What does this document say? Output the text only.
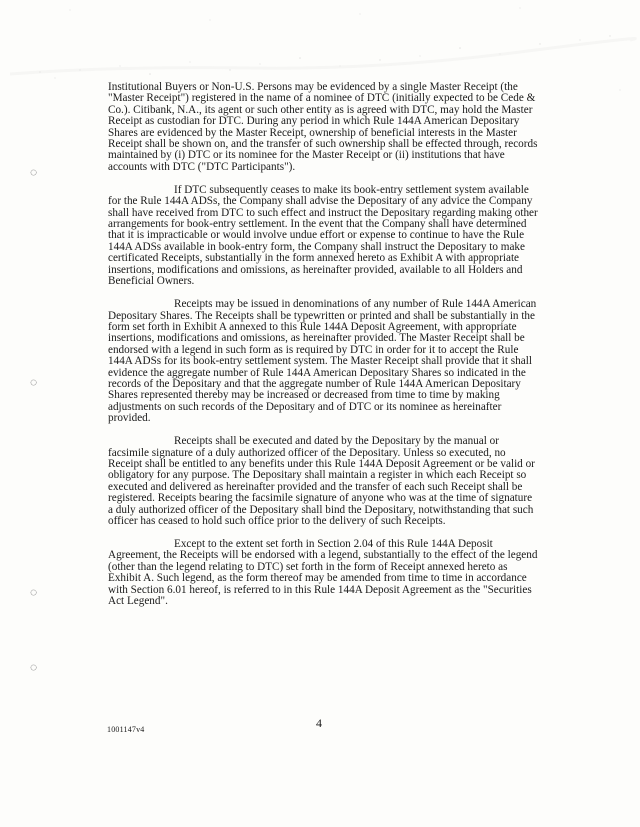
◌
◌
◌
◌

Institutional Buyers or Non-U.S. Persons may be evidenced by a single Master Receipt (the "Master Receipt") registered in the name of a nominee of DTC (initially expected to be Cede & Co.). Citibank, N.A., its agent or such other entity as is agreed with DTC, may hold the Master Receipt as custodian for DTC. During any period in which Rule 144A American Depositary Shares are evidenced by the Master Receipt, ownership of beneficial interests in the Master Receipt shall be shown on, and the transfer of such ownership shall be effected through, records maintained by (i) DTC or its nominee for the Master Receipt or (ii) institutions that have accounts with DTC ("DTC Participants").

If DTC subsequently ceases to make its book-entry settlement system available for the Rule 144A ADSs, the Company shall advise the Depositary of any advice the Company shall have received from DTC to such effect and instruct the Depositary regarding making other arrangements for book-entry settlement. In the event that the Company shall have determined that it is impracticable or would involve undue effort or expense to continue to have the Rule 144A ADSs available in book-entry form, the Company shall instruct the Depositary to make certificated Receipts, substantially in the form annexed hereto as Exhibit A with appropriate insertions, modifications and omissions, as hereinafter provided, available to all Holders and Beneficial Owners.

Receipts may be issued in denominations of any number of Rule 144A American Depositary Shares. The Receipts shall be typewritten or printed and shall be substantially in the form set forth in Exhibit A annexed to this Rule 144A Deposit Agreement, with appropriate insertions, modifications and omissions, as hereinafter provided. The Master Receipt shall be endorsed with a legend in such form as is required by DTC in order for it to accept the Rule 144A ADSs for its book-entry settlement system. The Master Receipt shall provide that it shall evidence the aggregate number of Rule 144A American Depositary Shares so indicated in the records of the Depositary and that the aggregate number of Rule 144A American Depositary Shares represented thereby may be increased or decreased from time to time by making adjustments on such records of the Depositary and of DTC or its nominee as hereinafter provided.

Receipts shall be executed and dated by the Depositary by the manual or facsimile signature of a duly authorized officer of the Depositary. Unless so executed, no Receipt shall be entitled to any benefits under this Rule 144A Deposit Agreement or be valid or obligatory for any purpose. The Depositary shall maintain a register in which each Receipt so executed and delivered as hereinafter provided and the transfer of each such Receipt shall be registered. Receipts bearing the facsimile signature of anyone who was at the time of signature a duly authorized officer of the Depositary shall bind the Depositary, notwithstanding that such officer has ceased to hold such office prior to the delivery of such Receipts.

Except to the extent set forth in Section 2.04 of this Rule 144A Deposit Agreement, the Receipts will be endorsed with a legend, substantially to the effect of the legend (other than the legend relating to DTC) set forth in the form of Receipt annexed hereto as Exhibit A. Such legend, as the form thereof may be amended from time to time in accordance with Section 6.01 hereof, is referred to in this Rule 144A Deposit Agreement as the "Securities Act Legend".

4
1001147v4
